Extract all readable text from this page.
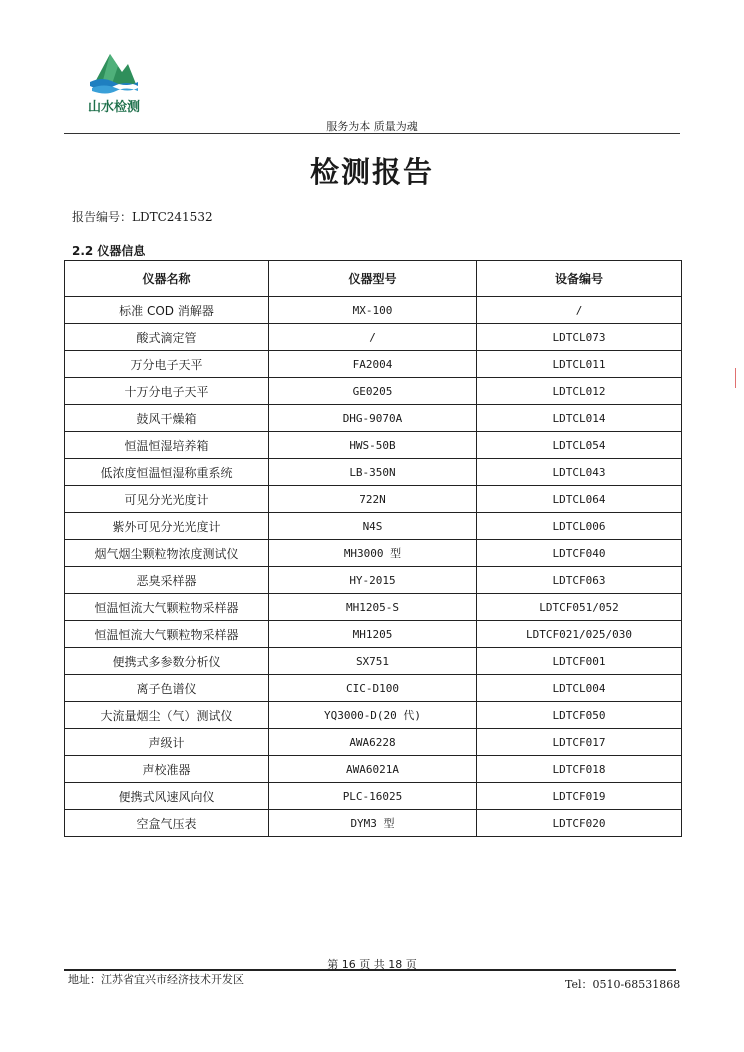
山水检测
服务为本 质量为魂
检测报告
报告编号：LDTC241532
2.2 仪器信息
仪器名称	仪器型号	设备编号
标准 COD 消解器	MX-100	/
酸式滴定管	/	LDTCL073
万分电子天平	FA2004	LDTCL011
十万分电子天平	GE0205	LDTCL012
鼓风干燥箱	DHG-9070A	LDTCL014
恒温恒湿培养箱	HWS-50B	LDTCL054
低浓度恒温恒湿称重系统	LB-350N	LDTCL043
可见分光光度计	722N	LDTCL064
紫外可见分光光度计	N4S	LDTCL006
烟气烟尘颗粒物浓度测试仪	MH3000 型	LDTCF040
恶臭采样器	HY-2015	LDTCF063
恒温恒流大气颗粒物采样器	MH1205-S	LDTCF051/052
恒温恒流大气颗粒物采样器	MH1205	LDTCF021/025/030
便携式多参数分析仪	SX751	LDTCF001
离子色谱仪	CIC-D100	LDTCL004
大流量烟尘（气）测试仪	YQ3000-D(20 代)	LDTCF050
声级计	AWA6228	LDTCF017
声校准器	AWA6021A	LDTCF018
便携式风速风向仪	PLC-16025	LDTCF019
空盒气压表	DYM3 型	LDTCF020
第 16 页 共 18 页
地址：江苏省宜兴市经济技术开发区	Tel：0510-68531868
